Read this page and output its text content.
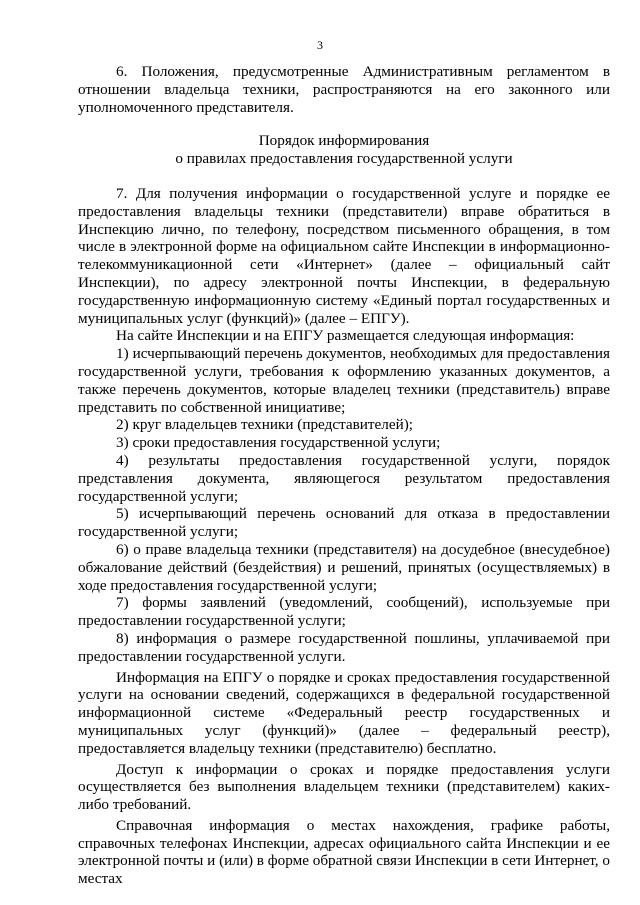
3

6. Положения, предусмотренные Административным регламентом в отношении владельца техники, распространяются на его законного или уполномоченного представителя.

Порядок информирования
о правилах предоставления государственной услуги

7. Для получения информации о государственной услуге и порядке ее предоставления владельцы техники (представители) вправе обратиться в Инспекцию лично, по телефону, посредством письменного обращения, в том числе в электронной форме на официальном сайте Инспекции в информационно-телекоммуникационной сети «Интернет» (далее – официальный сайт Инспекции), по адресу электронной почты Инспекции, в федеральную государственную информационную систему «Единый портал государственных и муниципальных услуг (функций)» (далее – ЕПГУ).

На сайте Инспекции и на ЕПГУ размещается следующая информация:

1) исчерпывающий перечень документов, необходимых для предоставления государственной услуги, требования к оформлению указанных документов, а также перечень документов, которые владелец техники (представитель) вправе представить по собственной инициативе;

2) круг владельцев техники (представителей);

3) сроки предоставления государственной услуги;

4) результаты предоставления государственной услуги, порядок представления документа, являющегося результатом предоставления государственной услуги;

5) исчерпывающий перечень оснований для отказа в предоставлении государственной услуги;

6) о праве владельца техники (представителя) на досудебное (внесудебное) обжалование действий (бездействия) и решений, принятых (осуществляемых) в ходе предоставления государственной услуги;

7) формы заявлений (уведомлений, сообщений), используемые при предоставлении государственной услуги;

8) информация о размере государственной пошлины, уплачиваемой при предоставлении государственной услуги.

Информация на ЕПГУ о порядке и сроках предоставления государственной услуги на основании сведений, содержащихся в федеральной государственной информационной системе «Федеральный реестр государственных и муниципальных услуг (функций)» (далее – федеральный реестр), предоставляется владельцу техники (представителю) бесплатно.

Доступ к информации о сроках и порядке предоставления услуги осуществляется без выполнения владельцем техники (представителем) каких-либо требований.

Справочная информация о местах нахождения, графике работы, справочных телефонах Инспекции, адресах официального сайта Инспекции и ее электронной почты и (или) в форме обратной связи Инспекции в сети Интернет, о местах
